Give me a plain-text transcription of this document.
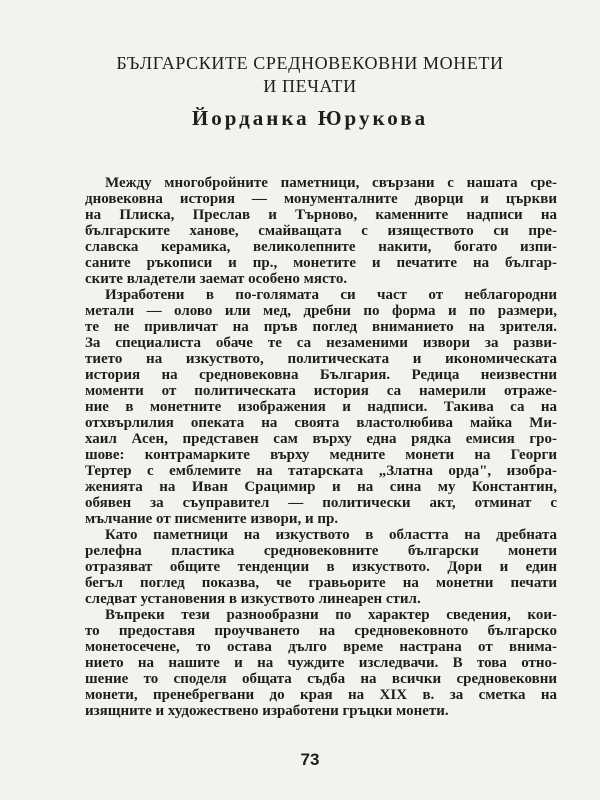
БЪЛГАРСКИТЕ СРЕДНОВЕКОВНИ МОНЕТИ
И ПЕЧАТИ
Йорданка Юрукова
Между многобройните паметници, свързани с нашата сре-
дновековна история — монументалните дворци и църкви
на Плиска, Преслав и Търново, каменните надписи на
българските ханове, смайващата с изяществото си пре-
славска керамика, великолепните накити, богато изпи-
саните ръкописи и пр., монетите и печатите на българ-
ските владетели заемат особено място.
Изработени в по-голямата си част от неблагородни
метали — олово или мед, дребни по форма и по размери,
те не привличат на пръв поглед вниманието на зрителя.
За специалиста обаче те са незаменими извори за разви-
тието на изкуството, политическата и икономическата
история на средновековна България. Редица неизвестни
моменти от политическата история са намерили отраже-
ние в монетните изображения и надписи. Такива са на
отхвърлилия опеката на своята властолюбива майка Ми-
хаил Асен, представен сам върху една рядка емисия гро-
шове: контрамарките върху медните монети на Георги
Тертер с емблемите на татарската „Златна орда", изобра-
женията на Иван Срацимир и на сина му Константин,
обявен за съуправител — политически акт, отминат с
мълчание от писмените извори, и пр.
Като паметници на изкуството в областта на дребната
релефна пластика средновековните български монети
отразяват общите тенденции в изкуството. Дори и един
бегъл поглед показва, че гравьорите на монетни печати
следват установения в изкуството линеарен стил.
Въпреки тези разнообразни по характер сведения, кои-
то предоставя проучването на средновековното българско
монетосечене, то остава дълго време настрана от внима-
нието на нашите и на чуждите изследвачи. В това отно-
шение то споделя общата съдба на всички средновековни
монети, пренебрегвани до края на XIX в. за сметка на
изящните и художествено изработени гръцки монети.
73
